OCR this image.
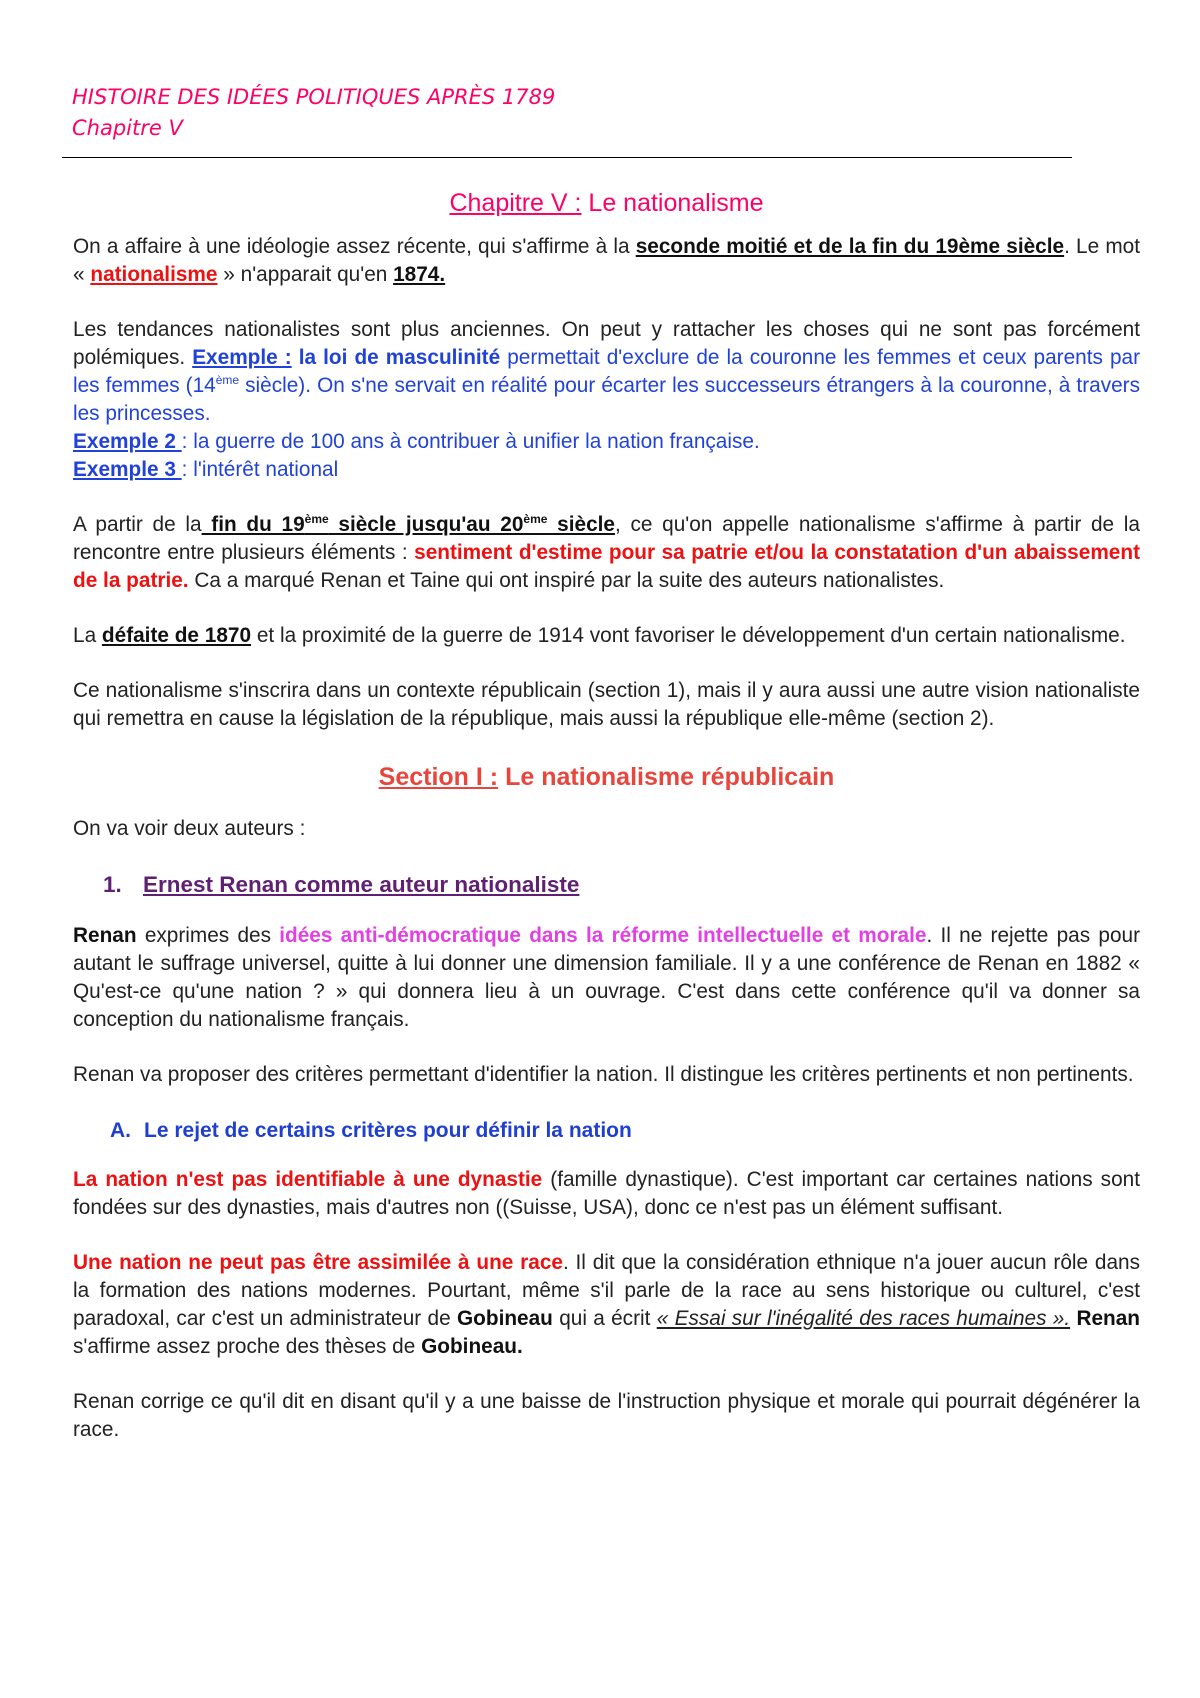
HISTOIRE DES IDÉES POLITIQUES APRÈS 1789
Chapitre V
Chapitre V : Le nationalisme

On a affaire à une idéologie assez récente, qui s'affirme à la seconde moitié et de la fin du 19ème siècle. Le mot « nationalisme » n'apparait qu'en 1874.

Les tendances nationalistes sont plus anciennes. On peut y rattacher les choses qui ne sont pas forcément polémiques. Exemple : la loi de masculinité permettait d'exclure de la couronne les femmes et ceux parents par les femmes (14ème siècle). On s'ne servait en réalité pour écarter les successeurs étrangers à la couronne, à travers les princesses.

Exemple 2 : la guerre de 100 ans à contribuer à unifier la nation française.

Exemple 3 : l'intérêt national

A partir de la fin du 19ème siècle jusqu'au 20ème siècle, ce qu'on appelle nationalisme s'affirme à partir de la rencontre entre plusieurs éléments : sentiment d'estime pour sa patrie et/ou la constatation d'un abaissement de la patrie. Ca a marqué Renan et Taine qui ont inspiré par la suite des auteurs nationalistes.

La défaite de 1870 et la proximité de la guerre de 1914 vont favoriser le développement d'un certain nationalisme.

Ce nationalisme s'inscrira dans un contexte républicain (section 1), mais il y aura aussi une autre vision nationaliste qui remettra en cause la législation de la république, mais aussi la république elle-même (section 2).

Section I : Le nationalisme républicain

On va voir deux auteurs :

1. Ernest Renan comme auteur nationaliste

Renan exprimes des idées anti-démocratique dans la réforme intellectuelle et morale. Il ne rejette pas pour autant le suffrage universel, quitte à lui donner une dimension familiale. Il y a une conférence de Renan en 1882 « Qu'est-ce qu'une nation ? » qui donnera lieu à un ouvrage. C'est dans cette conférence qu'il va donner sa conception du nationalisme français.

Renan va proposer des critères permettant d'identifier la nation. Il distingue les critères pertinents et non pertinents.

A. Le rejet de certains critères pour définir la nation

La nation n'est pas identifiable à une dynastie (famille dynastique). C'est important car certaines nations sont fondées sur des dynasties, mais d'autres non ((Suisse, USA), donc ce n'est pas un élément suffisant.

Une nation ne peut pas être assimilée à une race. Il dit que la considération ethnique n'a jouer aucun rôle dans la formation des nations modernes. Pourtant, même s'il parle de la race au sens historique ou culturel, c'est paradoxal, car c'est un administrateur de Gobineau qui a écrit « Essai sur l'inégalité des races humaines ». Renan s'affirme assez proche des thèses de Gobineau.

Renan corrige ce qu'il dit en disant qu'il y a une baisse de l'instruction physique et morale qui pourrait dégénérer la race.
